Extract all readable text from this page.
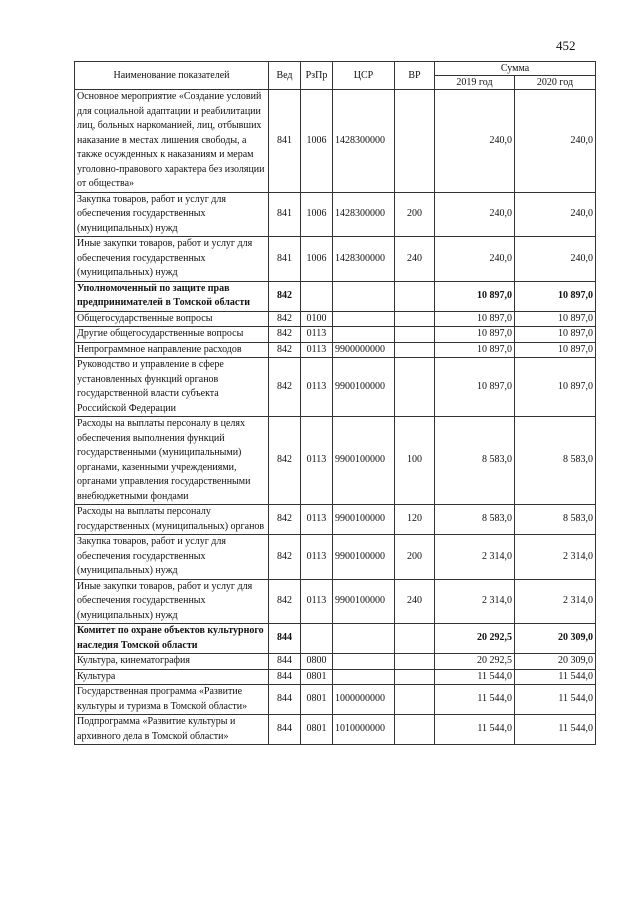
452
Наименование показателей	Вед	РзПр	ЦСР	ВР	Сумма	
					2019 год	2020 год
Основное мероприятие «Создание условий для социальной адаптации и реабилитации лиц, больных наркоманией, лиц, отбывших наказание в местах лишения свободы, а также осужденных к наказаниям и мерам уголовно-правового характера без изоляции от общества»	841	1006	1428300000		240,0	240,0
Закупка товаров, работ и услуг для обеспечения государственных (муниципальных) нужд	841	1006	1428300000	200	240,0	240,0
Иные закупки товаров, работ и услуг для обеспечения государственных (муниципальных) нужд	841	1006	1428300000	240	240,0	240,0
Уполномоченный по защите прав предпринимателей в Томской области	842				10 897,0	10 897,0
Общегосударственные вопросы	842	0100			10 897,0	10 897,0
Другие общегосударственные вопросы	842	0113			10 897,0	10 897,0
Непрограммное направление расходов	842	0113	9900000000		10 897,0	10 897,0
Руководство и управление в сфере установленных функций органов государственной власти субъекта Российской Федерации	842	0113	9900100000		10 897,0	10 897,0
Расходы на выплаты персоналу в целях обеспечения выполнения функций государственными (муниципальными) органами, казенными учреждениями, органами управления государственными внебюджетными фондами	842	0113	9900100000	100	8 583,0	8 583,0
Расходы на выплаты персоналу государственных (муниципальных) органов	842	0113	9900100000	120	8 583,0	8 583,0
Закупка товаров, работ и услуг для обеспечения государственных (муниципальных) нужд	842	0113	9900100000	200	2 314,0	2 314,0
Иные закупки товаров, работ и услуг для обеспечения государственных (муниципальных) нужд	842	0113	9900100000	240	2 314,0	2 314,0
Комитет по охране объектов культурного наследия Томской области	844				20 292,5	20 309,0
Культура, кинематография	844	0800			20 292,5	20 309,0
Культура	844	0801			11 544,0	11 544,0
Государственная программа «Развитие культуры и туризма в Томской области»	844	0801	1000000000		11 544,0	11 544,0
Подпрограмма «Развитие культуры и архивного дела в Томской области»	844	0801	1010000000		11 544,0	11 544,0
